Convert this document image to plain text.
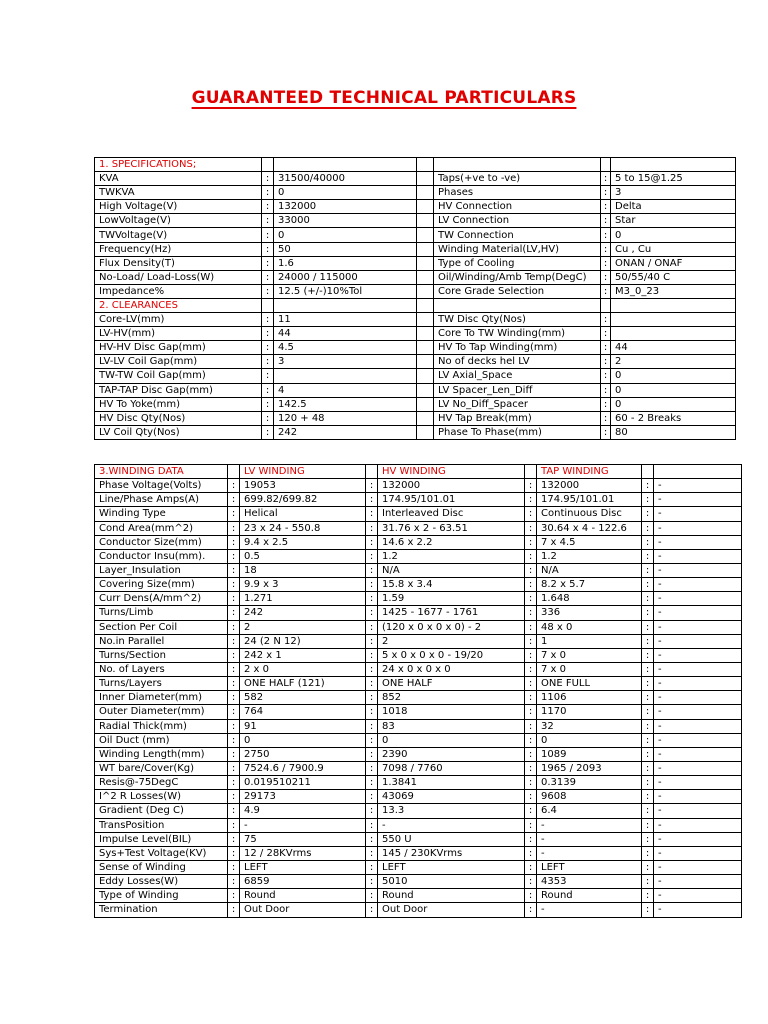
GUARANTEED TECHNICAL PARTICULARS
1. SPECIFICATIONS;						
KVA	:	31500/40000		Taps(+ve to -ve)	:	5 to 15@1.25
TWKVA	:	0		Phases	:	3
High Voltage(V)	:	132000		HV Connection	:	Delta
LowVoltage(V)	:	33000		LV Connection	:	Star
TWVoltage(V)	:	0		TW Connection	:	0
Frequency(Hz)	:	50		Winding Material(LV,HV)	:	Cu , Cu
Flux Density(T)	:	1.6		Type of Cooling	:	ONAN / ONAF
No-Load/ Load-Loss(W)	:	24000 / 115000		Oil/Winding/Amb Temp(DegC)	:	50/55/40 C
Impedance%	:	12.5 (+/-)10%Tol		Core Grade Selection	:	M3_0_23
2. CLEARANCES						
Core-LV(mm)	:	11		TW Disc Qty(Nos)	:	
LV-HV(mm)	:	44		Core To TW Winding(mm)	:	
HV-HV Disc Gap(mm)	:	4.5		HV To Tap Winding(mm)	:	44
LV-LV Coil Gap(mm)	:	3		No of decks hel LV	:	2
TW-TW Coil Gap(mm)	:			LV Axial_Space	:	0
TAP-TAP Disc Gap(mm)	:	4		LV Spacer_Len_Diff	:	0
HV To Yoke(mm)	:	142.5		LV No_Diff_Spacer	:	0
HV Disc Qty(Nos)	:	120 + 48		HV Tap Break(mm)	:	60 - 2 Breaks
LV Coil Qty(Nos)	:	242		Phase To Phase(mm)	:	80
3.WINDING DATA		LV WINDING		HV WINDING		TAP WINDING		
Phase Voltage(Volts)	:	19053	:	132000	:	132000	:	-
Line/Phase Amps(A)	:	699.82/699.82	:	174.95/101.01	:	174.95/101.01	:	-
Winding Type	:	Helical	:	Interleaved Disc	:	Continuous Disc	:	-
Cond Area(mm^2)	:	23 x 24 - 550.8	:	31.76 x 2 - 63.51	:	30.64 x 4 - 122.6	:	-
Conductor Size(mm)	:	9.4 x 2.5	:	14.6 x 2.2	:	7 x 4.5	:	-
Conductor Insu(mm).	:	0.5	:	1.2	:	1.2	:	-
Layer_Insulation	:	18	:	N/A	:	N/A	:	-
Covering Size(mm)	:	9.9 x 3	:	15.8 x 3.4	:	8.2 x 5.7	:	-
Curr Dens(A/mm^2)	:	1.271	:	1.59	:	1.648	:	-
Turns/Limb	:	242	:	1425 - 1677 - 1761	:	336	:	-
Section Per Coil	:	2	:	(120 x 0 x 0 x 0) - 2	:	48 x 0	:	-
No.in Parallel	:	24 (2 N 12)	:	2	:	1	:	-
Turns/Section	:	242 x 1	:	5 x 0 x 0 x 0 - 19/20	:	7 x 0	:	-
No. of Layers	:	2 x 0	:	24 x 0 x 0 x 0	:	7 x 0	:	-
Turns/Layers	:	ONE HALF (121)	:	ONE HALF	:	ONE FULL	:	-
Inner Diameter(mm)	:	582	:	852	:	1106	:	-
Outer Diameter(mm)	:	764	:	1018	:	1170	:	-
Radial Thick(mm)	:	91	:	83	:	32	:	-
Oil Duct (mm)	:	0	:	0	:	0	:	-
Winding Length(mm)	:	2750	:	2390	:	1089	:	-
WT bare/Cover(Kg)	:	7524.6 / 7900.9	:	7098 / 7760	:	1965 / 2093	:	-
Resis@-75DegC	:	0.019510211	:	1.3841	:	0.3139	:	-
I^2 R Losses(W)	:	29173	:	43069	:	9608	:	-
Gradient (Deg C)	:	4.9	:	13.3	:	6.4	:	-
TransPosition	:	-	:	-	:	-	:	-
Impulse Level(BIL)	:	75	:	550 U	:	-	:	-
Sys+Test Voltage(KV)	:	12 / 28KVrms	:	145 / 230KVrms	:	-	:	-
Sense of Winding	:	LEFT	:	LEFT	:	LEFT	:	-
Eddy Losses(W)	:	6859	:	5010	:	4353	:	-
Type of Winding	:	Round	:	Round	:	Round	:	-
Termination	:	Out Door	:	Out Door	:	-	:	-
